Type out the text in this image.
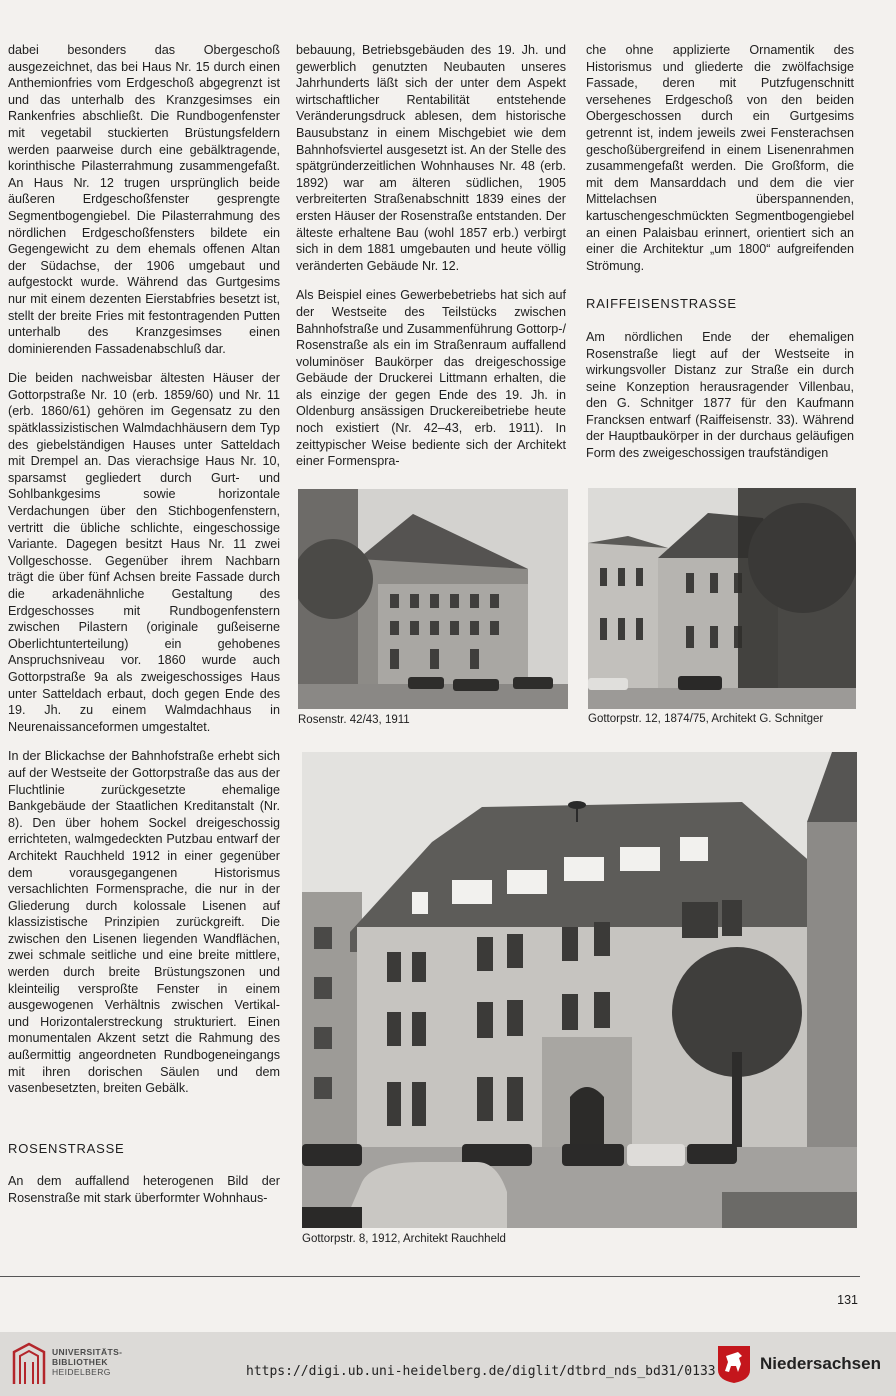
dabei besonders das Obergeschoß ausgezeichnet, das bei Haus Nr. 15 durch einen Anthemionfries vom Erdgeschoß abgegrenzt ist und das unterhalb des Kranzgesimses ein Rankenfries abschließt. Die Rundbogenfenster mit vegetabil stuckierten Brüstungsfeldern werden paarweise durch eine gebälktragende, korinthische Pilasterrahmung zusammengefaßt. An Haus Nr. 12 trugen ursprünglich beide äußeren Erdgeschoßfenster gesprengte Segmentbogengiebel. Die Pilasterrahmung des nördlichen Erdgeschoßfensters bildete ein Gegengewicht zu dem ehemals offenen Altan der Südachse, der 1906 umgebaut und aufgestockt wurde. Während das Gurtgesims nur mit einem dezenten Eierstabfries besetzt ist, stellt der breite Fries mit festontragenden Putten unterhalb des Kranzgesimses einen dominierenden Fassadenabschluß dar.

Die beiden nachweisbar ältesten Häuser der Gottorpstraße Nr. 10 (erb. 1859/60) und Nr. 11 (erb. 1860/61) gehören im Gegensatz zu den spätklassizistischen Walmdachhäusern dem Typ des giebelständigen Hauses unter Satteldach mit Drempel an. Das vierachsige Haus Nr. 10, sparsamst gegliedert durch Gurt- und Sohlbankgesims sowie horizontale Verdachungen über den Stichbogenfenstern, vertritt die übliche schlichte, eingeschossige Variante. Dagegen besitzt Haus Nr. 11 zwei Vollgeschosse. Gegenüber ihrem Nachbarn trägt die über fünf Achsen breite Fassade durch die arkadenähnliche Gestaltung des Erdgeschosses mit Rundbogenfenstern zwischen Pilastern (originale gußeiserne Oberlichtunterteilung) ein gehobenes Anspruchsniveau vor. 1860 wurde auch Gottorpstraße 9a als zweigeschossiges Haus unter Satteldach erbaut, doch gegen Ende des 19. Jh. zu einem Walmdachhaus in Neurenaissanceformen umgestaltet.

In der Blickachse der Bahnhofstraße erhebt sich auf der Westseite der Gottorpstraße das aus der Fluchtlinie zurückgesetzte ehemalige Bankgebäude der Staatlichen Kreditanstalt (Nr. 8). Den über hohem Sockel dreigeschossig errichteten, walmgedeckten Putzbau entwarf der Architekt Rauchheld 1912 in einer gegenüber dem vorausgegangenen Historismus versachlichten Formensprache, die nur in der Gliederung durch kolossale Lisenen auf klassizistische Prinzipien zurückgreift. Die zwischen den Lisenen liegenden Wandflächen, zwei schmale seitliche und eine breite mittlere, werden durch breite Brüstungszonen und kleinteilig versproßte Fenster in einem ausgewogenen Verhältnis zwischen Vertikal- und Horizontalerstreckung strukturiert. Einen monumentalen Akzent setzt die Rahmung des außermittig angeordneten Rundbogeneingangs mit ihren dorischen Säulen und dem vasenbesetzten, breiten Gebälk.

ROSENSTRASSE

An dem auffallend heterogenen Bild der Rosenstraße mit stark überformter Wohnhaus-

bebauung, Betriebsgebäuden des 19. Jh. und gewerblich genutzten Neubauten unseres Jahrhunderts läßt sich der unter dem Aspekt wirtschaftlicher Rentabilität entstehende Veränderungsdruck ablesen, dem historische Bausubstanz in einem Mischgebiet wie dem Bahnhofsviertel ausgesetzt ist. An der Stelle des spätgründerzeitlichen Wohnhauses Nr. 48 (erb. 1892) war am älteren südlichen, 1905 verbreiterten Straßenabschnitt 1839 eines der ersten Häuser der Rosenstraße entstanden. Der älteste erhaltene Bau (wohl 1857 erb.) verbirgt sich in dem 1881 umgebauten und heute völlig veränderten Gebäude Nr. 12.

Als Beispiel eines Gewerbebetriebs hat sich auf der Westseite des Teilstücks zwischen Bahnhofstraße und Zusammenführung Gottorp-/ Rosenstraße als ein im Straßenraum auffallend voluminöser Baukörper das dreigeschossige Gebäude der Druckerei Littmann erhalten, die als einzige der gegen Ende des 19. Jh. in Oldenburg ansässigen Druckereibetriebe heute noch existiert (Nr. 42–43, erb. 1911). In zeittypischer Weise bediente sich der Architekt einer Formenspra-

che ohne applizierte Ornamentik des Historismus und gliederte die zwölfachsige Fassade, deren mit Putzfugenschnitt versehenes Erdgeschoß von den beiden Obergeschossen durch ein Gurtgesims getrennt ist, indem jeweils zwei Fensterachsen geschoßübergreifend in einem Lisenenrahmen zusammengefaßt werden. Die Großform, die mit dem Mansarddach und dem die vier Mittelachsen überspannenden, kartuschengeschmückten Segmentbogengiebel an einen Palaisbau erinnert, orientiert sich an einer die Architektur „um 1800“ aufgreifenden Strömung.

RAIFFEISENSTRASSE

Am nördlichen Ende der ehemaligen Rosenstraße liegt auf der Westseite in wirkungsvoller Distanz zur Straße ein durch seine Konzeption herausragender Villenbau, den G. Schnitger 1877 für den Kaufmann Francksen entwarf (Raiffeisenstr. 33). Während der Hauptbaukörper in der durchaus geläufigen Form des zweigeschossigen traufständigen

Rosenstr. 42/43, 1911	Gottorpstr. 12, 1874/75, Architekt G. Schnitger
Gottorpstr. 8, 1912, Architekt Rauchheld
131
UNIVERSITÄTS-
BIBLIOTHEK
HEIDELBERG	https://digi.ub.uni-heidelberg.de/diglit/dtbrd_nds_bd31/0133	Niedersachsen
